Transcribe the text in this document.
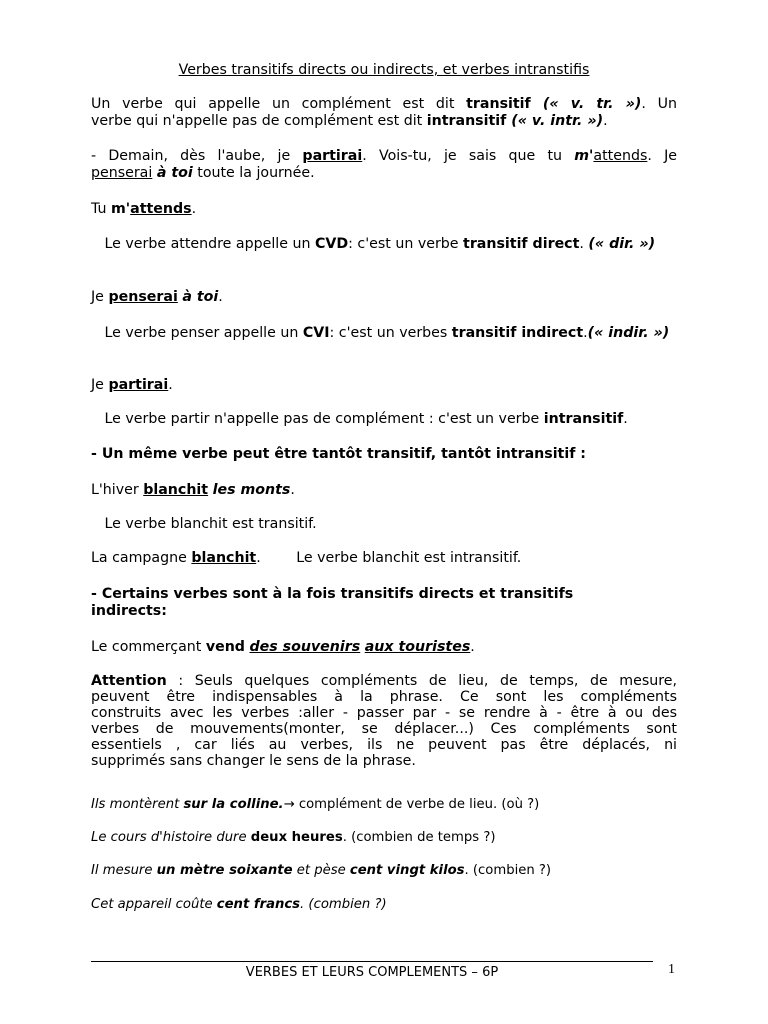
Verbes transitifs directs ou indirects, et verbes intranstifis
Un verbe qui appelle un complément est dit transitif (« v. tr. »). Un
verbe qui n'appelle pas de complément est dit intransitif (« v. intr. »).
- Demain, dès l'aube, je partirai. Vois-tu, je sais que tu m'attends. Je
penserai à toi toute la journée.
Tu m'attends.
Le verbe attendre appelle un CVD: c'est un verbe transitif direct. (« dir. »)
Je penserai à toi.
Le verbe penser appelle un CVI: c'est un verbes transitif indirect.(« indir. »)
Je partirai.
Le verbe partir n'appelle pas de complément : c'est un verbe intransitif.
- Un même verbe peut être tantôt transitif, tantôt intransitif :
L'hiver blanchit les monts.
Le verbe blanchit est transitif.
La campagne blanchit. Le verbe blanchit est intransitif.
- Certains verbes sont à la fois transitifs directs et transitifs
indirects:
Le commerçant vend des souvenirs aux touristes.
Attention : Seuls quelques compléments de lieu, de temps, de mesure,
peuvent être indispensables à la phrase. Ce sont les compléments
construits avec les verbes :aller - passer par - se rendre à - être à ou des
verbes de mouvements(monter, se déplacer...) Ces compléments sont
essentiels , car liés au verbes, ils ne peuvent pas être déplacés, ni
supprimés sans changer le sens de la phrase.
Ils montèrent sur la colline.→ complément de verbe de lieu. (où ?)
Le cours d'histoire dure deux heures. (combien de temps ?)
Il mesure un mètre soixante et pèse cent vingt kilos. (combien ?)
Cet appareil coûte cent francs. (combien ?)
VERBES ET LEURS COMPLEMENTS – 6P	1
